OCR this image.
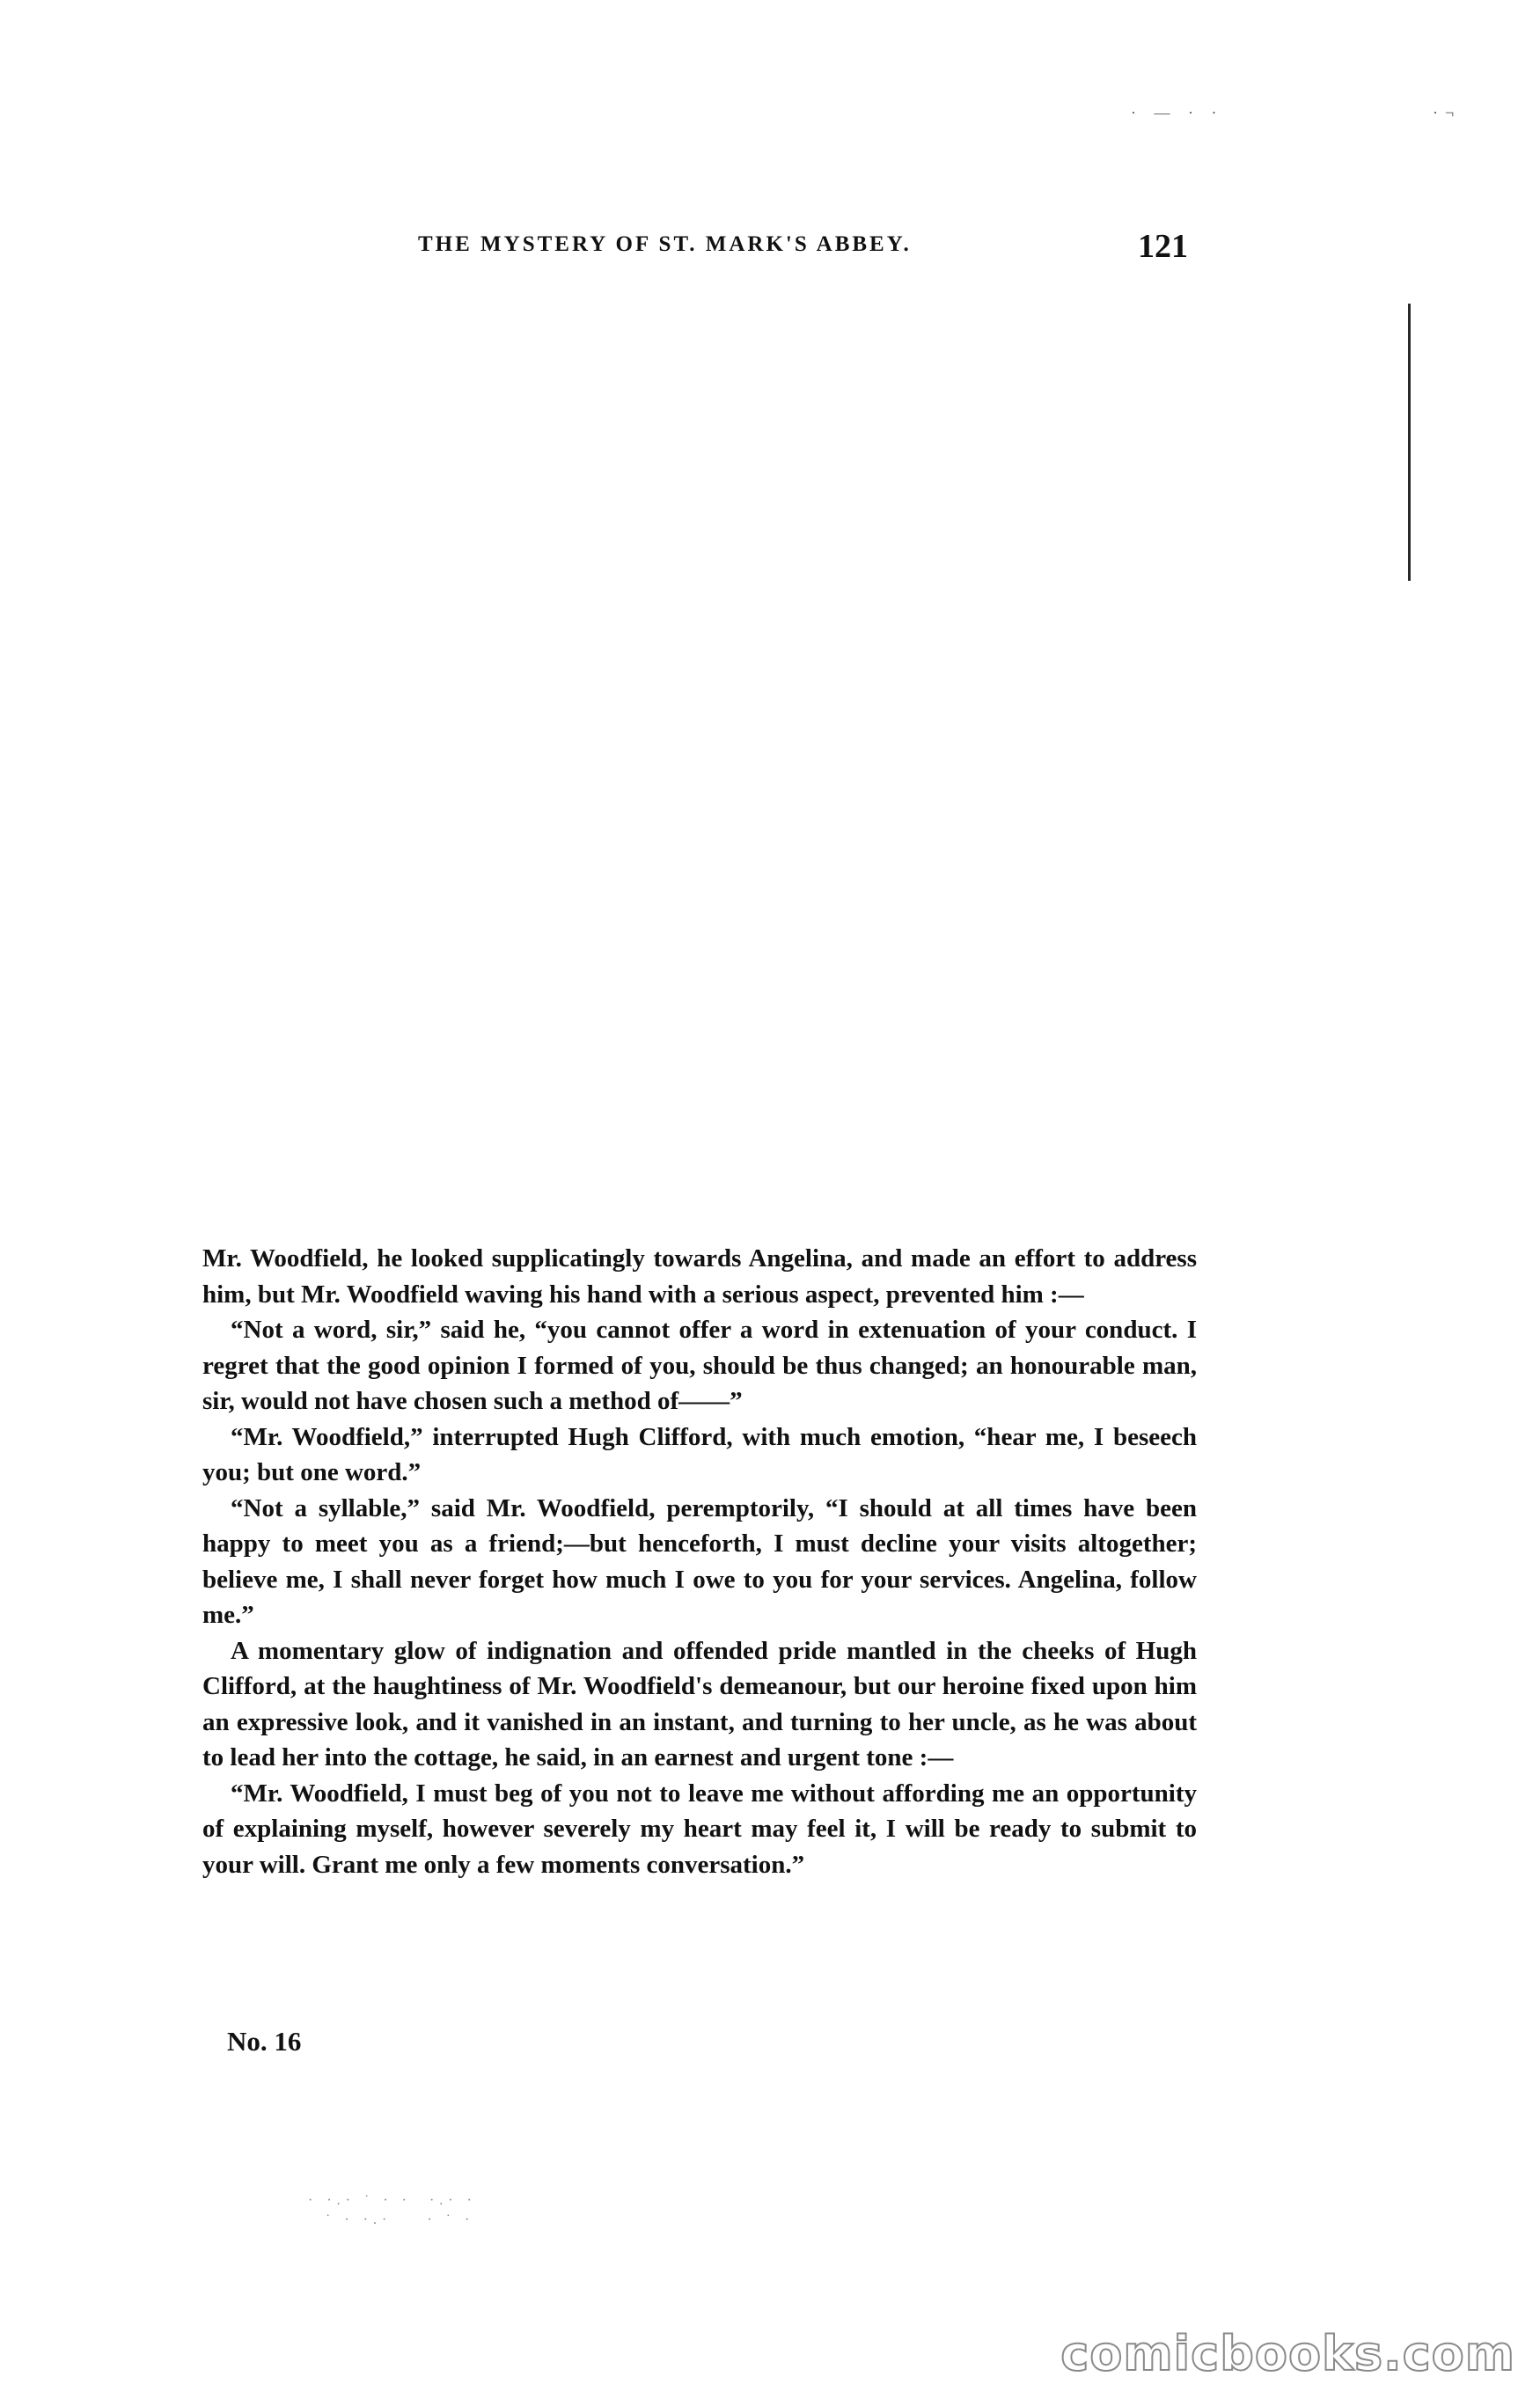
· — · ·                   ·¬
THE MYSTERY OF ST. MARK'S ABBEY.	121

Mr. Woodfield, he looked supplicatingly towards Angelina, and made an effort to address him, but Mr. Woodfield waving his hand with a serious aspect, prevented him :—

“Not a word, sir,” said he, “you cannot offer a word in extenuation of your conduct. I regret that the good opinion I formed of you, should be thus changed; an honourable man, sir, would not have chosen such a method of——”

“Mr. Woodfield,” interrupted Hugh Clifford, with much emotion, “hear me, I beseech you; but one word.”

“Not a syllable,” said Mr. Woodfield, peremptorily, “I should at all times have been happy to meet you as a friend;—but henceforth, I must decline your visits altogether; believe me, I shall never forget how much I owe to you for your services. Angelina, follow me.”

A momentary glow of indignation and offended pride mantled in the cheeks of Hugh Clifford, at the haughtiness of Mr. Woodfield's demeanour, but our heroine fixed upon him an expressive look, and it vanished in an instant, and turning to her uncle, as he was about to lead her into the cottage, he said, in an earnest and urgent tone :—

“Mr. Woodfield, I must beg of you not to leave me without affording me an opportunity of explaining myself, however severely my heart may feel it, I will be ready to submit to your will. Grant me only a few moments conversation.”

No. 16
· ·.· ˙ · ·  ·.· ·
˙ · ·.·    · ˙ ·
comicbooks.com
